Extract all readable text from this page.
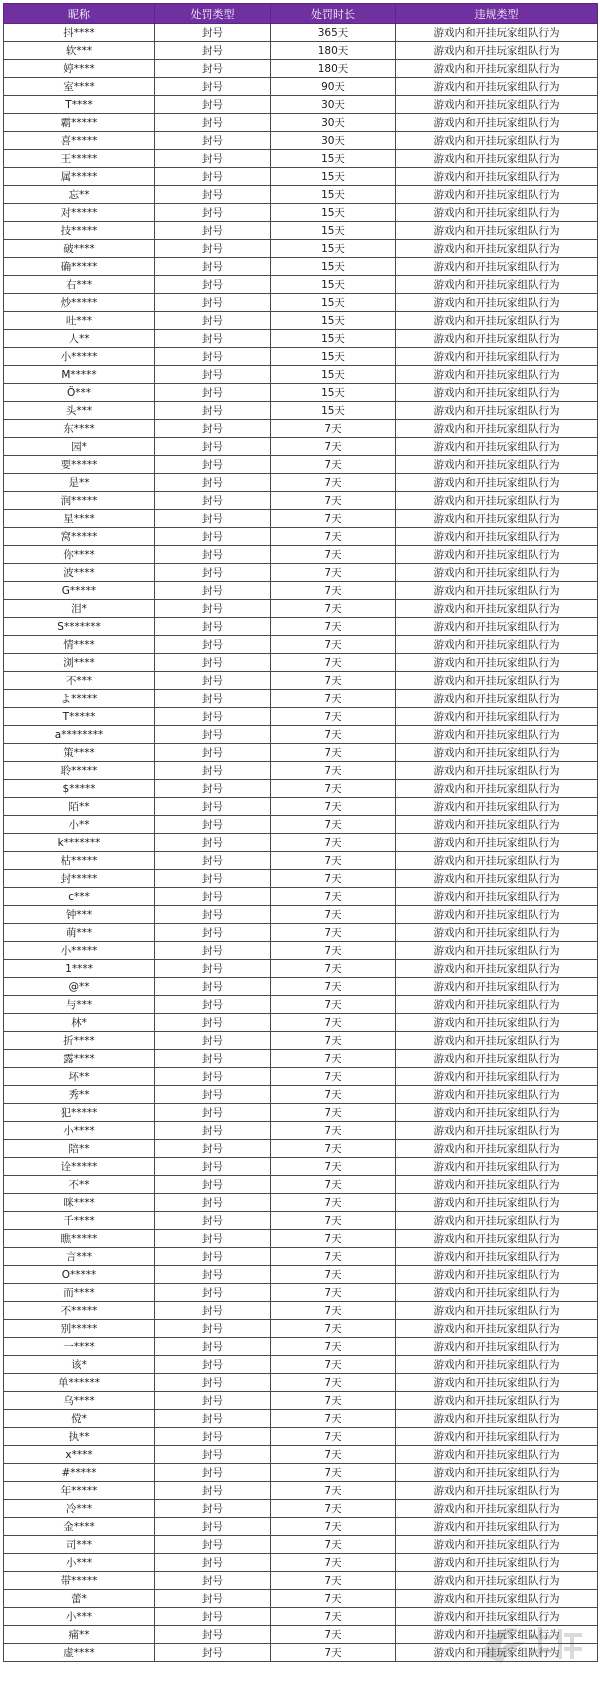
昵称	处罚类型	处罚时长	违规类型
抖****	封号	365天	游戏内和开挂玩家组队行为
软***	封号	180天	游戏内和开挂玩家组队行为
婷****	封号	180天	游戏内和开挂玩家组队行为
室****	封号	90天	游戏内和开挂玩家组队行为
T****	封号	30天	游戏内和开挂玩家组队行为
霸*****	封号	30天	游戏内和开挂玩家组队行为
喜*****	封号	30天	游戏内和开挂玩家组队行为
王*****	封号	15天	游戏内和开挂玩家组队行为
属*****	封号	15天	游戏内和开挂玩家组队行为
忘**	封号	15天	游戏内和开挂玩家组队行为
对*****	封号	15天	游戏内和开挂玩家组队行为
技*****	封号	15天	游戏内和开挂玩家组队行为
破****	封号	15天	游戏内和开挂玩家组队行为
确*****	封号	15天	游戏内和开挂玩家组队行为
右***	封号	15天	游戏内和开挂玩家组队行为
炒*****	封号	15天	游戏内和开挂玩家组队行为
吐***	封号	15天	游戏内和开挂玩家组队行为
人**	封号	15天	游戏内和开挂玩家组队行为
小*****	封号	15天	游戏内和开挂玩家组队行为
M*****	封号	15天	游戏内和开挂玩家组队行为
Ö***	封号	15天	游戏内和开挂玩家组队行为
头***	封号	15天	游戏内和开挂玩家组队行为
东****	封号	7天	游戏内和开挂玩家组队行为
园*	封号	7天	游戏内和开挂玩家组队行为
要*****	封号	7天	游戏内和开挂玩家组队行为
是**	封号	7天	游戏内和开挂玩家组队行为
润*****	封号	7天	游戏内和开挂玩家组队行为
星****	封号	7天	游戏内和开挂玩家组队行为
窝*****	封号	7天	游戏内和开挂玩家组队行为
你****	封号	7天	游戏内和开挂玩家组队行为
波****	封号	7天	游戏内和开挂玩家组队行为
G*****	封号	7天	游戏内和开挂玩家组队行为
泪*	封号	7天	游戏内和开挂玩家组队行为
S*******	封号	7天	游戏内和开挂玩家组队行为
情****	封号	7天	游戏内和开挂玩家组队行为
浏****	封号	7天	游戏内和开挂玩家组队行为
不***	封号	7天	游戏内和开挂玩家组队行为
よ*****	封号	7天	游戏内和开挂玩家组队行为
T*****	封号	7天	游戏内和开挂玩家组队行为
a********	封号	7天	游戏内和开挂玩家组队行为
策****	封号	7天	游戏内和开挂玩家组队行为
聆*****	封号	7天	游戏内和开挂玩家组队行为
$*****	封号	7天	游戏内和开挂玩家组队行为
陌**	封号	7天	游戏内和开挂玩家组队行为
小**	封号	7天	游戏内和开挂玩家组队行为
k*******	封号	7天	游戏内和开挂玩家组队行为
枯*****	封号	7天	游戏内和开挂玩家组队行为
封*****	封号	7天	游戏内和开挂玩家组队行为
c***	封号	7天	游戏内和开挂玩家组队行为
钟***	封号	7天	游戏内和开挂玩家组队行为
萌***	封号	7天	游戏内和开挂玩家组队行为
小*****	封号	7天	游戏内和开挂玩家组队行为
1****	封号	7天	游戏内和开挂玩家组队行为
@**	封号	7天	游戏内和开挂玩家组队行为
与***	封号	7天	游戏内和开挂玩家组队行为
林*	封号	7天	游戏内和开挂玩家组队行为
折****	封号	7天	游戏内和开挂玩家组队行为
露****	封号	7天	游戏内和开挂玩家组队行为
坏**	封号	7天	游戏内和开挂玩家组队行为
秀**	封号	7天	游戏内和开挂玩家组队行为
犯*****	封号	7天	游戏内和开挂玩家组队行为
小****	封号	7天	游戏内和开挂玩家组队行为
陪**	封号	7天	游戏内和开挂玩家组队行为
诠*****	封号	7天	游戏内和开挂玩家组队行为
不**	封号	7天	游戏内和开挂玩家组队行为
咪****	封号	7天	游戏内和开挂玩家组队行为
千****	封号	7天	游戏内和开挂玩家组队行为
瞧*****	封号	7天	游戏内和开挂玩家组队行为
言***	封号	7天	游戏内和开挂玩家组队行为
O*****	封号	7天	游戏内和开挂玩家组队行为
而****	封号	7天	游戏内和开挂玩家组队行为
不*****	封号	7天	游戏内和开挂玩家组队行为
别*****	封号	7天	游戏内和开挂玩家组队行为
一****	封号	7天	游戏内和开挂玩家组队行为
该*	封号	7天	游戏内和开挂玩家组队行为
单******	封号	7天	游戏内和开挂玩家组队行为
乌****	封号	7天	游戏内和开挂玩家组队行为
傥*	封号	7天	游戏内和开挂玩家组队行为
执**	封号	7天	游戏内和开挂玩家组队行为
x****	封号	7天	游戏内和开挂玩家组队行为
#*****	封号	7天	游戏内和开挂玩家组队行为
年*****	封号	7天	游戏内和开挂玩家组队行为
冷***	封号	7天	游戏内和开挂玩家组队行为
金****	封号	7天	游戏内和开挂玩家组队行为
司***	封号	7天	游戏内和开挂玩家组队行为
小***	封号	7天	游戏内和开挂玩家组队行为
带*****	封号	7天	游戏内和开挂玩家组队行为
蕾*	封号	7天	游戏内和开挂玩家组队行为
小***	封号	7天	游戏内和开挂玩家组队行为
痛**	封号	7天	游戏内和开挂玩家组队行为
虚****	封号	7天	游戏内和开挂玩家组队行为
